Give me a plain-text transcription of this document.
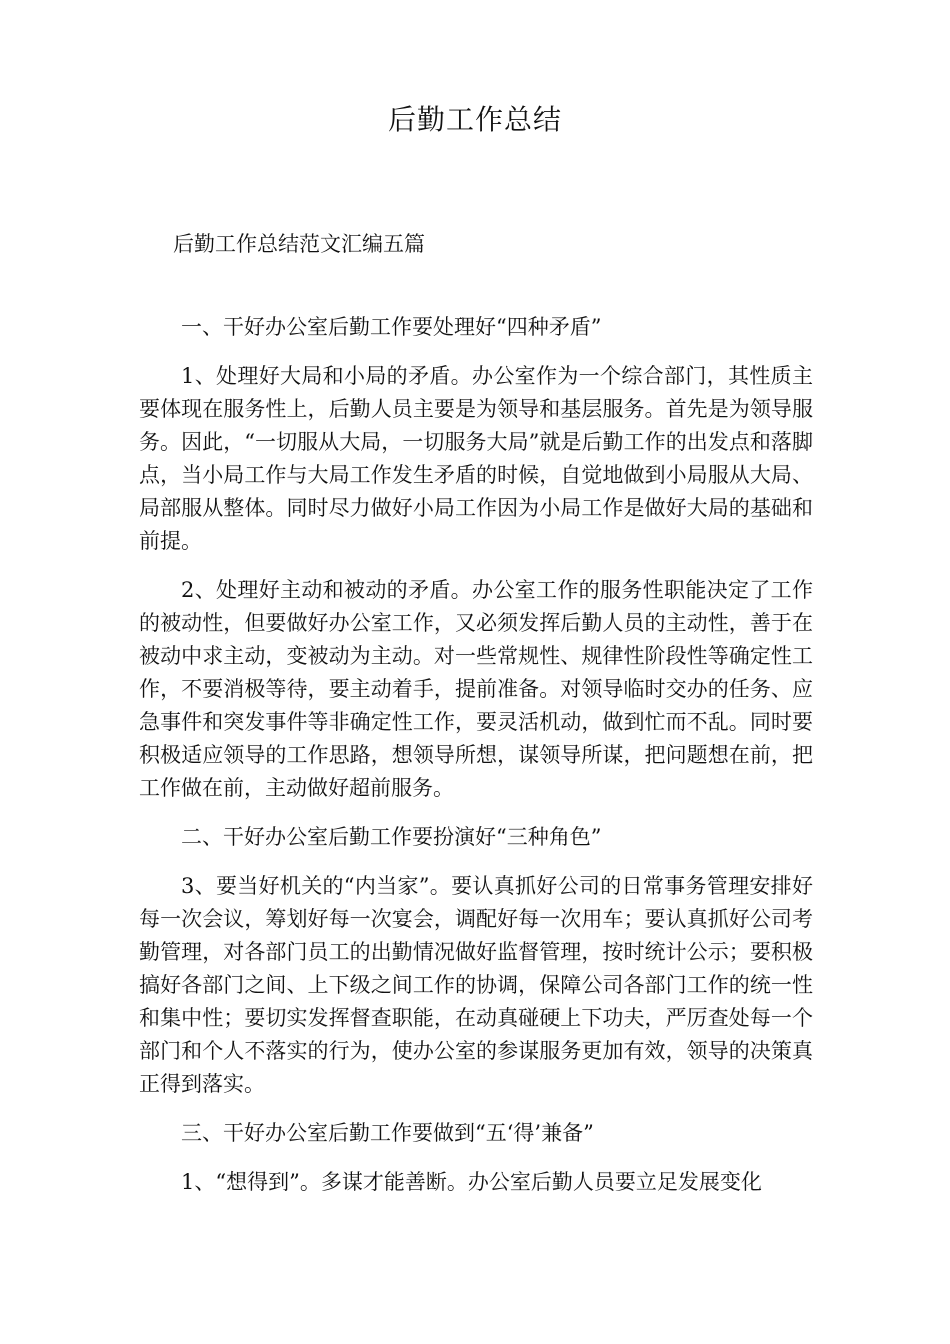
后勤工作总结
后勤工作总结范文汇编五篇
一、干好办公室后勤工作要处理好“四种矛盾”
1、处理好大局和小局的矛盾。办公室作为一个综合部门，其性质主要体现在服务性上，后勤人员主要是为领导和基层服务。首先是为领导服务。因此，“一切服从大局，一切服务大局”就是后勤工作的出发点和落脚点，当小局工作与大局工作发生矛盾的时候，自觉地做到小局服从大局、局部服从整体。同时尽力做好小局工作因为小局工作是做好大局的基础和前提。
2、处理好主动和被动的矛盾。办公室工作的服务性职能决定了工作的被动性，但要做好办公室工作，又必须发挥后勤人员的主动性，善于在被动中求主动，变被动为主动。对一些常规性、规律性阶段性等确定性工作，不要消极等待，要主动着手，提前准备。对领导临时交办的任务、应急事件和突发事件等非确定性工作，要灵活机动，做到忙而不乱。同时要积极适应领导的工作思路，想领导所想，谋领导所谋，把问题想在前，把工作做在前，主动做好超前服务。
二、干好办公室后勤工作要扮演好“三种角色”
3、要当好机关的“内当家”。要认真抓好公司的日常事务管理安排好每一次会议，筹划好每一次宴会，调配好每一次用车；要认真抓好公司考勤管理，对各部门员工的出勤情况做好监督管理，按时统计公示；要积极搞好各部门之间、上下级之间工作的协调，保障公司各部门工作的统一性和集中性；要切实发挥督查职能，在动真碰硬上下功夫，严厉查处每一个部门和个人不落实的行为，使办公室的参谋服务更加有效，领导的决策真正得到落实。
三、干好办公室后勤工作要做到“五‘得’兼备”
1、“想得到”。多谋才能善断。办公室后勤人员要立足发展变化
